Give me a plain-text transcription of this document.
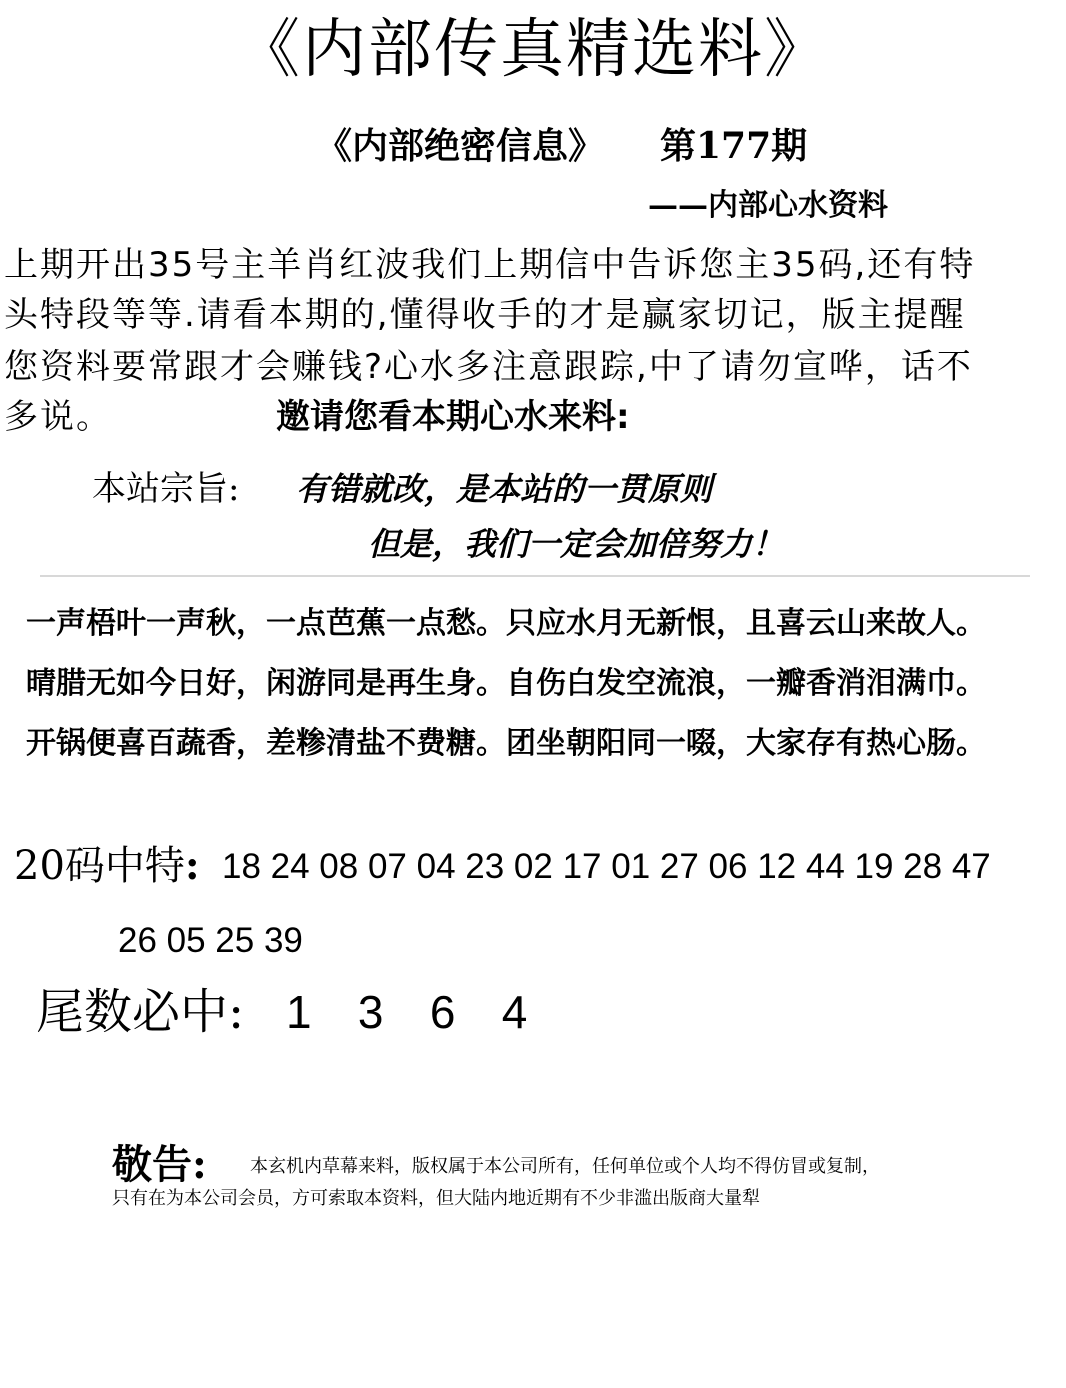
《内部传真精选料》
《内部绝密信息》 第177期
——内部心水资料
上期开出35号主羊肖红波我们上期信中告诉您主35码,还有特
头特段等等.请看本期的,懂得收手的才是赢家切记，版主提醒
您资料要常跟才会赚钱?心水多注意跟踪,中了请勿宣哗，话不
多说。	邀请您看本期心水来料:
本站宗旨: 有错就改，是本站的一贯原则
但是，我们一定会加倍努力！
一声梧叶一声秋，一点芭蕉一点愁。只应水月无新恨，且喜云山来故人。
晴腊无如今日好，闲游同是再生身。自伤白发空流浪，一瓣香消泪满巾。
开锅便喜百蔬香，差糁清盐不费糖。团坐朝阳同一啜，大家存有热心肠。
20码中特: 18 24 08 07 04 23 02 17 01 27 06 12 44 19 28 47
26 05 25 39
尾数必中: 1   3   6   4
敬告: 本玄机内草幕来料，版权属于本公司所有，任何单位或个人均不得仿冒或复制，
只有在为本公司会员，方可索取本资料，但大陆内地近期有不少非滥出版商大量犁
